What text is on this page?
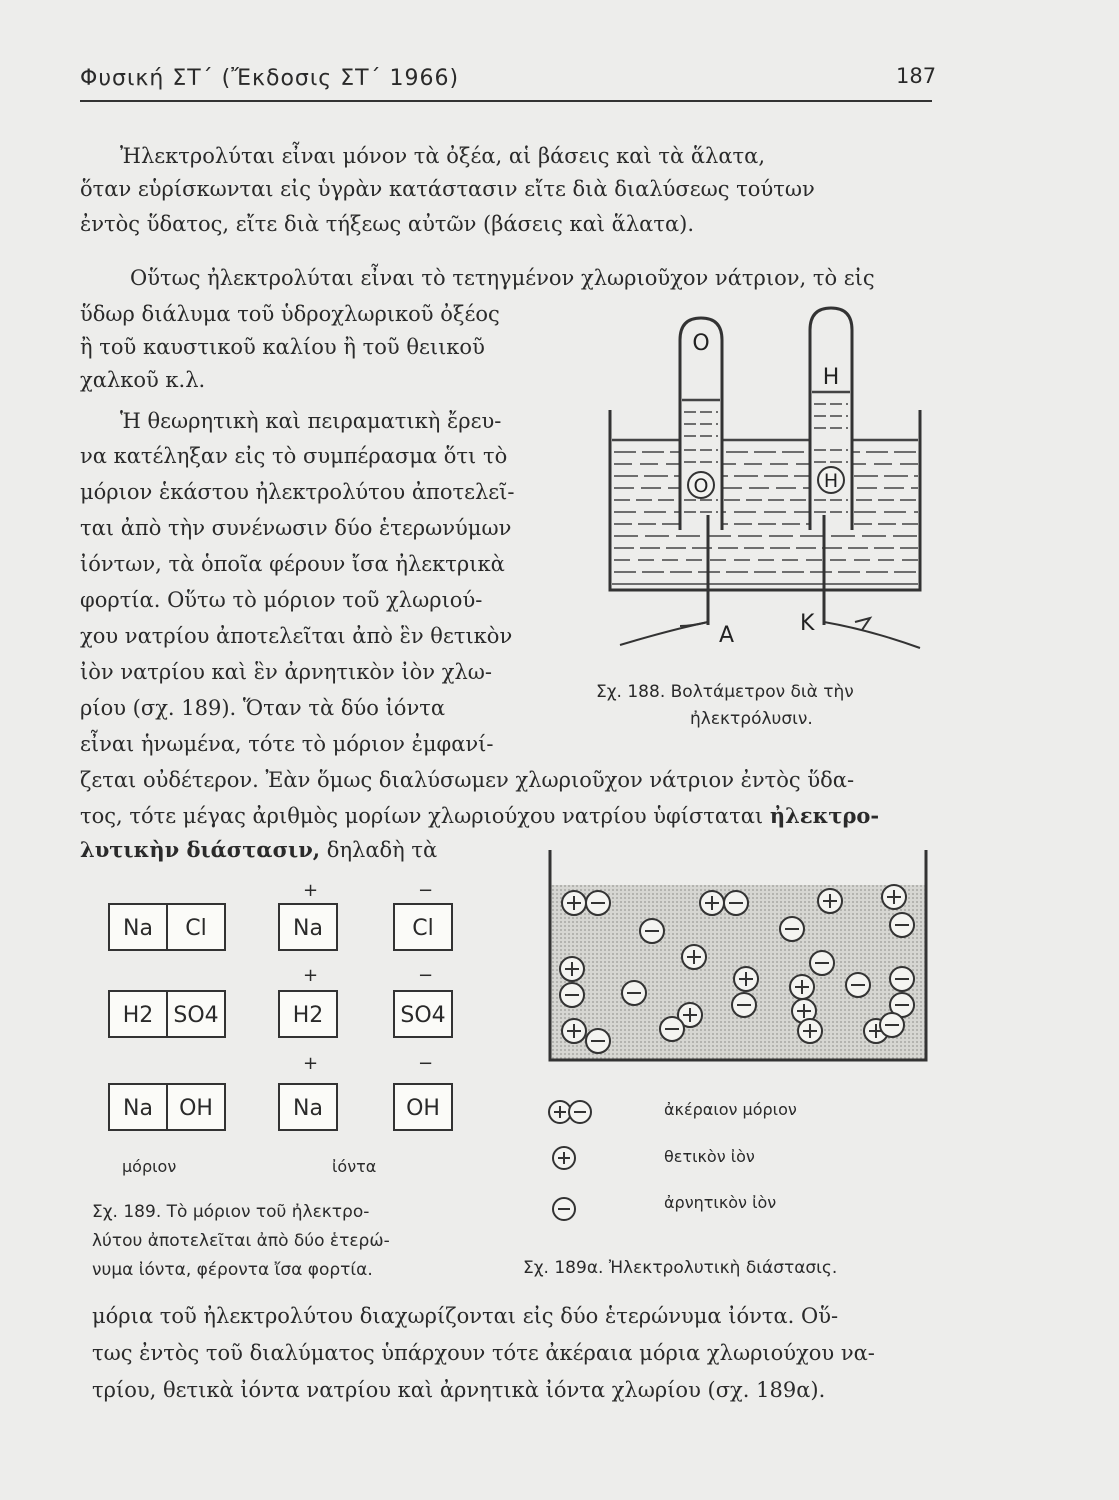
Φυσική ΣΤ΄ (Ἔκδοσις ΣΤ΄ 1966)	187
Ἠλεκτρολύται εἶναι μόνον τὰ ὀξέα, αἱ βάσεις καὶ τὰ ἅλατα,
ὅταν εὑρίσκωνται εἰς ὑγρὰν κατάστασιν εἴτε διὰ διαλύσεως τούτων
ἐντὸς ὕδατος, εἴτε διὰ τήξεως αὐτῶν (βάσεις καὶ ἅλατα).
Οὕτως ἠλεκτρολύται εἶναι τὸ τετηγμένον χλωριοῦχον νάτριον, τὸ εἰς
ὕδωρ διάλυμα τοῦ ὑδροχλωρικοῦ ὀξέος
ἢ τοῦ καυστικοῦ καλίου ἢ τοῦ θειικοῦ
χαλκοῦ κ.λ.
Ἡ θεωρητικὴ καὶ πειραματικὴ ἔρευ-
να κατέληξαν εἰς τὸ συμπέρασμα ὅτι τὸ
μόριον ἑκάστου ἠλεκτρολύτου ἀποτελεῖ-
ται ἀπὸ τὴν συνένωσιν δύο ἑτερωνύμων
ἰόντων, τὰ ὁποῖα φέρουν ἴσα ἠλεκτρικὰ
φορτία. Οὕτω τὸ μόριον τοῦ χλωριού-
χου νατρίου ἀποτελεῖται ἀπὸ ἓν θετικὸν
ἰὸν νατρίου καὶ ἓν ἀρνητικὸν ἰὸν χλω-
ρίου (σχ. 189). Ὅταν τὰ δύο ἰόντα
εἶναι ἡνωμένα, τότε τὸ μόριον ἐμφανί-
ζεται οὐδέτερον. Ἐὰν ὅμως διαλύσωμεν χλωριοῦχον νάτριον ἐντὸς ὕδα-
τος, τότε μέγας ἀριθμὸς μορίων χλωριούχου νατρίου ὑφίσταται ἠλεκτρο-
λυτικὴν διάστασιν, δηλαδὴ τὰ
O
O
H
H
A	K
Σχ. 188. Βολτάμετρον διὰ τὴν
ἠλεκτρόλυσιν.
+	−
Na Cl	Na	Cl
+	−
H2 SO4	H2	SO4
+	−
Na OH	Na	OH
μόριον	ἰόντα
Σχ. 189. Τὸ μόριον τοῦ ἠλεκτρο-
λύτου ἀποτελεῖται ἀπὸ δύο ἑτερώ-
νυμα ἰόντα, φέροντα ἴσα φορτία.
ἀκέραιον μόριον
θετικὸν ἰὸν
ἀρνητικὸν ἰὸν
Σχ. 189α. Ἠλεκτρολυτικὴ διάστασις.
μόρια τοῦ ἠλεκτρολύτου διαχωρίζονται εἰς δύο ἑτερώνυμα ἰόντα. Οὕ-
τως ἐντὸς τοῦ διαλύματος ὑπάρχουν τότε ἀκέραια μόρια χλωριούχου να-
τρίου, θετικὰ ἰόντα νατρίου καὶ ἀρνητικὰ ἰόντα χλωρίου (σχ. 189α).
